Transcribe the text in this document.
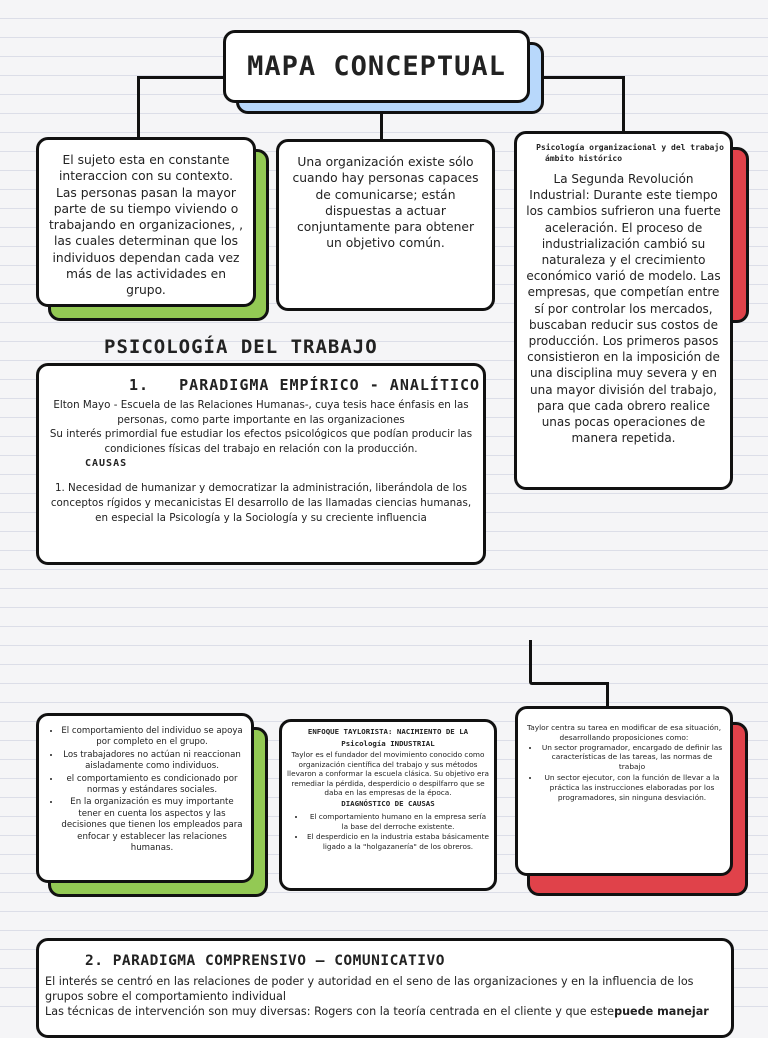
MAPA CONCEPTUAL

El sujeto esta en constante interaccion con su contexto. Las personas pasan la mayor parte de su tiempo viviendo o trabajando en organizaciones, , las cuales determinan que los individuos dependan cada vez más de las actividades en grupo.

Una organización existe sólo cuando hay personas capaces de comunicarse; están dispuestas a actuar conjuntamente para obtener un objetivo común.

Psicología organizacional y del trabajo

ámbito histórico

La Segunda Revolución Industrial: Durante este tiempo los cambios sufrieron una fuerte aceleración. El proceso de industrialización cambió su naturaleza y el crecimiento económico varió de modelo. Las empresas, que competían entre sí por controlar los mercados, buscaban reducir sus costos de producción. Los primeros pasos consistieron en la imposición de una disciplina muy severa y en una mayor división del trabajo, para que cada obrero realice unas pocas operaciones de manera repetida.

PSICOLOGÍA DEL TRABAJO

1.   PARADIGMA EMPÍRICO - ANALÍTICO

Elton Mayo - Escuela de las Relaciones Humanas-, cuya tesis hace énfasis en las personas, como parte importante en las organizaciones

Su interés primordial fue estudiar los efectos psicológicos que podían producir las condiciones físicas del trabajo en relación con la producción.

CAUSAS

1. Necesidad de humanizar y democratizar la administración, liberándola de los conceptos rígidos y mecanicistas El desarrollo de las llamadas ciencias humanas, en especial la Psicología y la Sociología y su creciente influencia

• El comportamiento del individuo se apoya por completo en el grupo.
• Los trabajadores no actúan ni reaccionan aisladamente como individuos.
• el comportamiento es condicionado por normas y estándares sociales.
• En la organización es muy importante tener en cuenta los aspectos y las decisiones que tienen los empleados para enfocar y establecer las relaciones humanas.

ENFOQUE TAYLORISTA: NACIMIENTO DE LA Psicología INDUSTRIAL

Taylor es el fundador del movimiento conocido como organización científica del trabajo y sus métodos llevaron a conformar la escuela clásica. Su objetivo era remediar la pérdida, desperdicio o despilfarro que se daba en las empresas de la época.

DIAGNÓSTICO DE CAUSAS

• El comportamiento humano en la empresa sería la base del derroche existente.
• El desperdicio en la industria estaba básicamente ligado a la "holgazanería" de los obreros.

Taylor centra su tarea en modificar de esa situación, desarrollando proposiciones como:

• Un sector programador, encargado de definir las características de las tareas, las normas de trabajo
• Un sector ejecutor, con la función de llevar a la práctica las instrucciones elaboradas por los programadores, sin ninguna desviación.

2. PARADIGMA COMPRENSIVO – COMUNICATIVO

El interés se centró en las relaciones de poder y autoridad en el seno de las organizaciones y en la influencia de los grupos sobre el comportamiento individual

Las técnicas de intervención son muy diversas: Rogers con la teoría centrada en el cliente y que estepuede manejar
